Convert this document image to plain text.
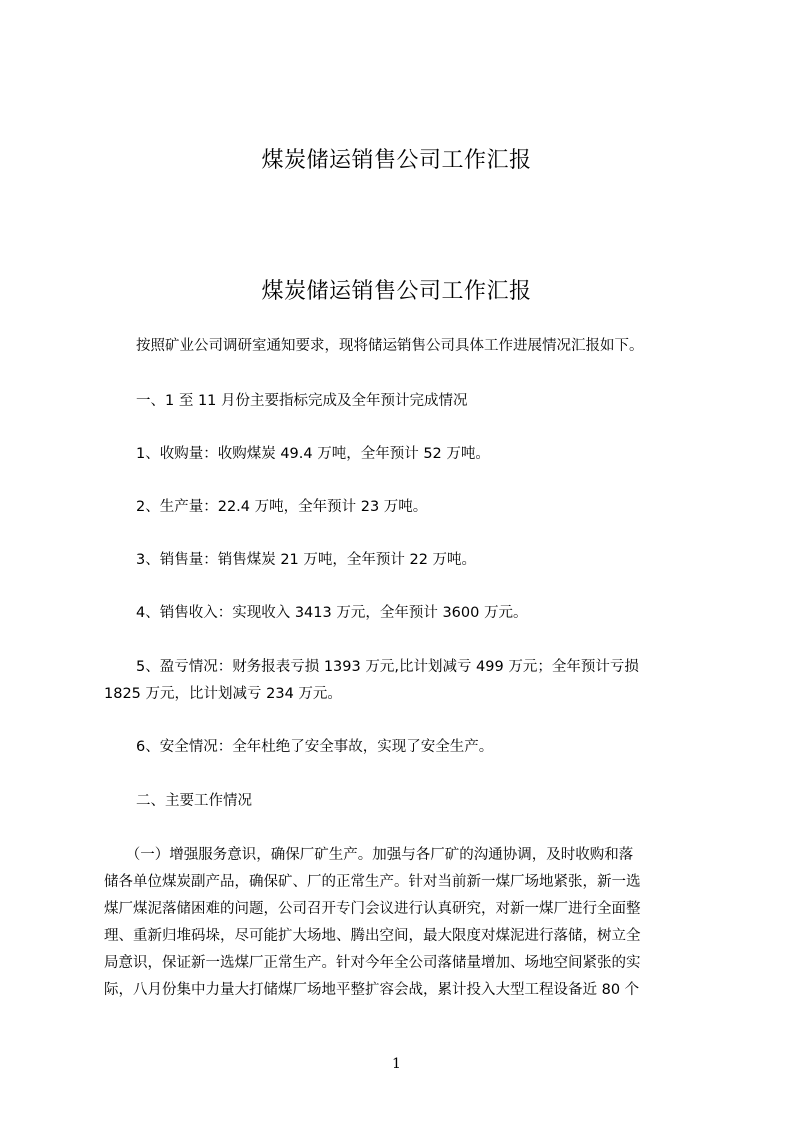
煤炭储运销售公司工作汇报
煤炭储运销售公司工作汇报
按照矿业公司调研室通知要求，现将储运销售公司具体工作进展情况汇报如下。
一、1 至 11 月份主要指标完成及全年预计完成情况
1、收购量：收购煤炭 49.4 万吨，全年预计 52 万吨。
2、生产量：22.4 万吨，全年预计 23 万吨。
3、销售量：销售煤炭 21 万吨，全年预计 22 万吨。
4、销售收入：实现收入 3413 万元，全年预计 3600 万元。
5、盈亏情况：财务报表亏损 1393 万元,比计划减亏 499 万元；全年预计亏损
1825 万元，比计划减亏 234 万元。
6、安全情况：全年杜绝了安全事故，实现了安全生产。
二、主要工作情况
　　（一）增强服务意识，确保厂矿生产。加强与各厂矿的沟通协调，及时收购和落
储各单位煤炭副产品，确保矿、厂的正常生产。针对当前新一煤厂场地紧张，新一选
煤厂煤泥落储困难的问题，公司召开专门会议进行认真研究，对新一煤厂进行全面整
理、重新归堆码垛，尽可能扩大场地、腾出空间，最大限度对煤泥进行落储，树立全
局意识，保证新一选煤厂正常生产。针对今年全公司落储量增加、场地空间紧张的实
际，八月份集中力量大打储煤厂场地平整扩容会战，累计投入大型工程设备近 80 个
1
